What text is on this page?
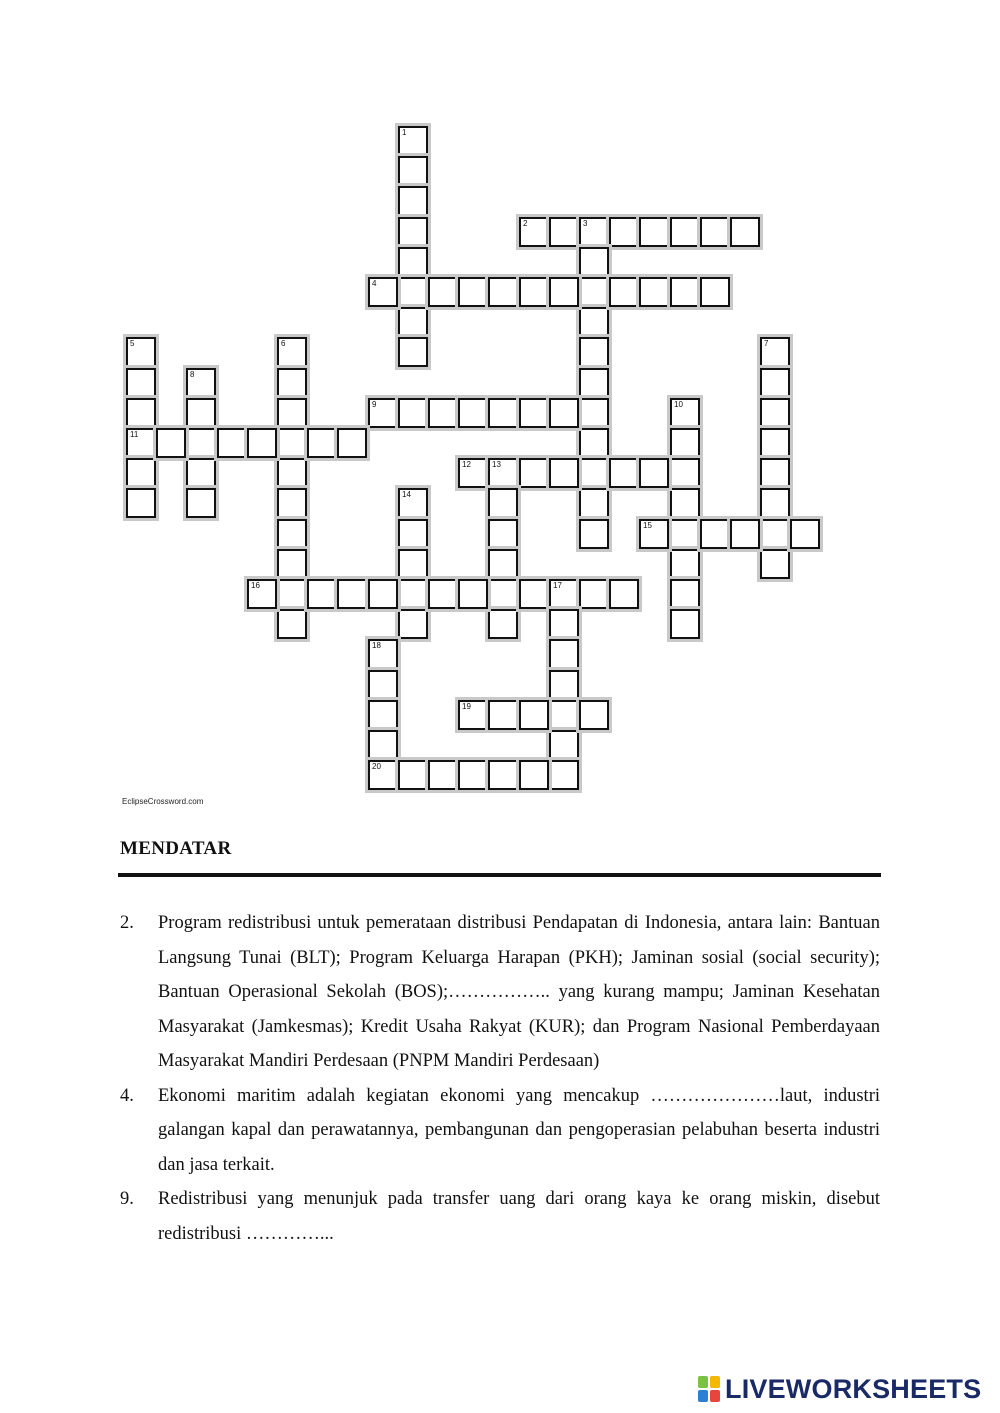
1
2	3
4
5
11
6	7
8
9	10
12	13
14
15
16	17
18
20
19
EclipseCrossword.com
MENDATAR
2.	Program redistribusi untuk pemerataan distribusi Pendapatan di Indonesia, antara lain: Bantuan Langsung Tunai (BLT); Program Keluarga Harapan (PKH); Jaminan sosial (social security); Bantuan Operasional Sekolah (BOS);…………….. yang kurang mampu; Jaminan Kesehatan Masyarakat (Jamkesmas); Kredit Usaha Rakyat (KUR); dan Program Nasional Pemberdayaan Masyarakat Mandiri Perdesaan (PNPM Mandiri Perdesaan)
4.	Ekonomi maritim adalah kegiatan ekonomi yang mencakup …………………laut, industri galangan kapal dan perawatannya, pembangunan dan pengoperasian pelabuhan beserta industri dan jasa terkait.
9.	Redistribusi yang menunjuk pada transfer uang dari orang kaya ke orang miskin, disebut redistribusi …………...
LIVEWORKSHEETS
